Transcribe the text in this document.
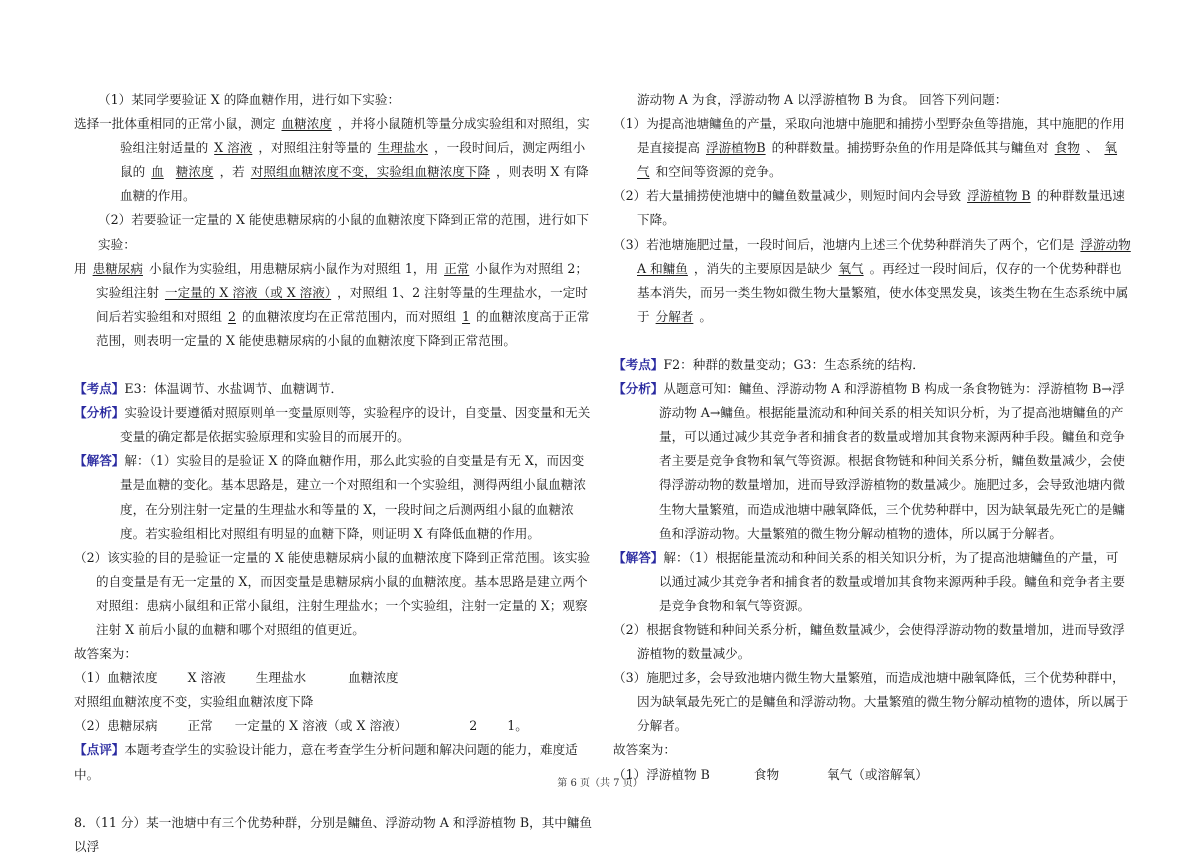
（1）某同学要验证 X 的降血糖作用，进行如下实验：

选择一批体重相同的正常小鼠，测定 血糖浓度 ，并将小鼠随机等量分成实验组和对照组，实验组注射适量的 X 溶液 ，对照组注射等量的 生理盐水 ，一段时间后，测定两组小鼠的 血 糖浓度 ，若 对照组血糖浓度不变，实验组血糖浓度下降 ，则表明 X 有降血糖的作用。

（2）若要验证一定量的 X 能使患糖尿病的小鼠的血糖浓度下降到正常的范围，进行如下实验：

用 患糖尿病 小鼠作为实验组，用患糖尿病小鼠作为对照组 1，用 正常 小鼠作为对照组 2；实验组注射 一定量的 X 溶液（或 X 溶液） ，对照组 1、2 注射等量的生理盐水，一定时间后若实验组和对照组 2 的血糖浓度均在正常范围内，而对照组 1 的血糖浓度高于正常范围，则表明一定量的 X 能使患糖尿病的小鼠的血糖浓度下降到正常范围。

【考点】E3：体温调节、水盐调节、血糖调节．

【分析】实验设计要遵循对照原则单一变量原则等，实验程序的设计，自变量、因变量和无关变量的确定都是依据实验原理和实验目的而展开的。

【解答】解：（1）实验目的是验证 X 的降血糖作用，那么此实验的自变量是有无 X，而因变量是血糖的变化。基本思路是，建立一个对照组和一个实验组，测得两组小鼠血糖浓度，在分别注射一定量的生理盐水和等量的 X，一段时间之后测两组小鼠的血糖浓度。若实验组相比对照组有明显的血糖下降，则证明 X 有降低血糖的作用。

（2）该实验的目的是验证一定量的 X 能使患糖尿病小鼠的血糖浓度下降到正常范围。该实验的自变量是有无一定量的 X，而因变量是患糖尿病小鼠的血糖浓度。基本思路是建立两个对照组：患病小鼠组和正常小鼠组，注射生理盐水；一个实验组，注射一定量的 X；观察注射 X 前后小鼠的血糖和哪个对照组的值更近。

故答案为：

（1）血糖浓度 X 溶液 生理盐水	血糖浓度

对照组血糖浓度不变，实验组血糖浓度下降

（2）患糖尿病 正常 一定量的 X 溶液（或 X 溶液）	2 1。

【点评】本题考查学生的实验设计能力，意在考查学生分析问题和解决问题的能力，难度适中。

8．（11 分）某一池塘中有三个优势种群，分别是鳙鱼、浮游动物 A 和浮游植物 B，其中鳙鱼以浮

游动物 A 为食，浮游动物 A 以浮游植物 B 为食。 回答下列问题：

（1）为提高池塘鳙鱼的产量，采取向池塘中施肥和捕捞小型野杂鱼等措施，其中施肥的作用是直接提高 浮游植物B 的种群数量。捕捞野杂鱼的作用是降低其与鳙鱼对 食物 、 氧气 和空间等资源的竞争。

（2）若大量捕捞使池塘中的鳙鱼数量减少，则短时间内会导致 浮游植物 B 的种群数量迅速下降。

（3）若池塘施肥过量，一段时间后，池塘内上述三个优势种群消失了两个，它们是 浮游动物 A 和鳙鱼 ，消失的主要原因是缺少 氧气 。再经过一段时间后，仅存的一个优势种群也基本消失，而另一类生物如微生物大量繁殖，使水体变黑发臭，该类生物在生态系统中属于 分解者 。

【考点】F2：种群的数量变动；G3：生态系统的结构．

【分析】从题意可知：鳙鱼、浮游动物 A 和浮游植物 B 构成一条食物链为：浮游植物 B→浮游动物 A→鳙鱼。根据能量流动和种间关系的相关知识分析，为了提高池塘鳙鱼的产量，可以通过减少其竞争者和捕食者的数量或增加其食物来源两种手段。鳙鱼和竞争者主要是竞争食物和氧气等资源。根据食物链和种间关系分析，鳙鱼数量减少，会使得浮游动物的数量增加，进而导致浮游植物的数量减少。施肥过多，会导致池塘内微生物大量繁殖，而造成池塘中融氧降低，三个优势种群中，因为缺氧最先死亡的是鳙鱼和浮游动物。大量繁殖的微生物分解动植物的遗体，所以属于分解者。

【解答】解：（1）根据能量流动和种间关系的相关知识分析，为了提高池塘鳙鱼的产量，可以通过减少其竞争者和捕食者的数量或增加其食物来源两种手段。鳙鱼和竞争者主要是竞争食物和氧气等资源。

（2）根据食物链和种间关系分析，鳙鱼数量减少，会使得浮游动物的数量增加，进而导致浮游植物的数量减少。

（3）施肥过多，会导致池塘内微生物大量繁殖，而造成池塘中融氧降低，三个优势种群中，因为缺氧最先死亡的是鳙鱼和浮游动物。大量繁殖的微生物分解动植物的遗体，所以属于分解者。

故答案为：

（1）浮游植物 B	食物	氧气（或溶解氧）

第 6 页（共 7 页）
